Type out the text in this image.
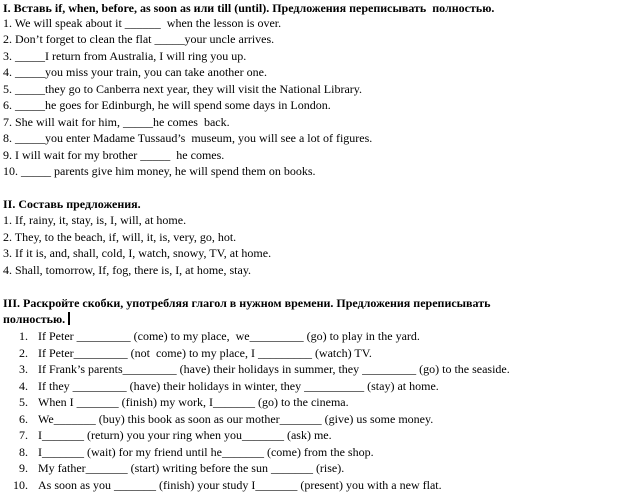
I. Вставь if, when, before, as soon as или till (until). Предложения переписывать  полностью.
1. We will speak about it ______  when the lesson is over.
2. Don’t forget to clean the flat _____your uncle arrives.
3. _____I return from Australia, I will ring you up.
4. _____you miss your train, you can take another one.
5. _____they go to Canberra next year, they will visit the National Library.
6. _____he goes for Edinburgh, he will spend some days in London.
7. She will wait for him, _____he comes  back.
8. _____you enter Madame Tussaud’s  museum, you will see a lot of figures.
9. I will wait for my brother _____  he comes.
10. _____ parents give him money, he will spend them on books.
II. Составь предложения.
1. If, rainy, it, stay, is, I, will, at home.
2. They, to the beach, if, will, it, is, very, go, hot.
3. If it is, and, shall, cold, I, watch, snowy, TV, at home.
4. Shall, tomorrow, If, fog, there is, I, at home, stay.
III. Раскройте скобки, употребляя глагол в нужном времени. Предложения переписывать
полностью.
1. If Peter _________ (come) to my place,  we_________ (go) to play in the yard.
2. If Peter_________ (not  come) to my place, I _________ (watch) TV.
3. If Frank’s parents_________ (have) their holidays in summer, they _________ (go) to the seaside.
4. If they _________ (have) their holidays in winter, they __________ (stay) at home.
5. When I _______ (finish) my work, I_______ (go) to the cinema.
6. We_______ (buy) this book as soon as our mother_______ (give) us some money.
7. I_______ (return) you your ring when you_______ (ask) me.
8. I_______ (wait) for my friend until he_______ (come) from the shop.
9. My father_______ (start) writing before the sun _______ (rise).
10. As soon as you _______ (finish) your study I_______ (present) you with a new flat.
